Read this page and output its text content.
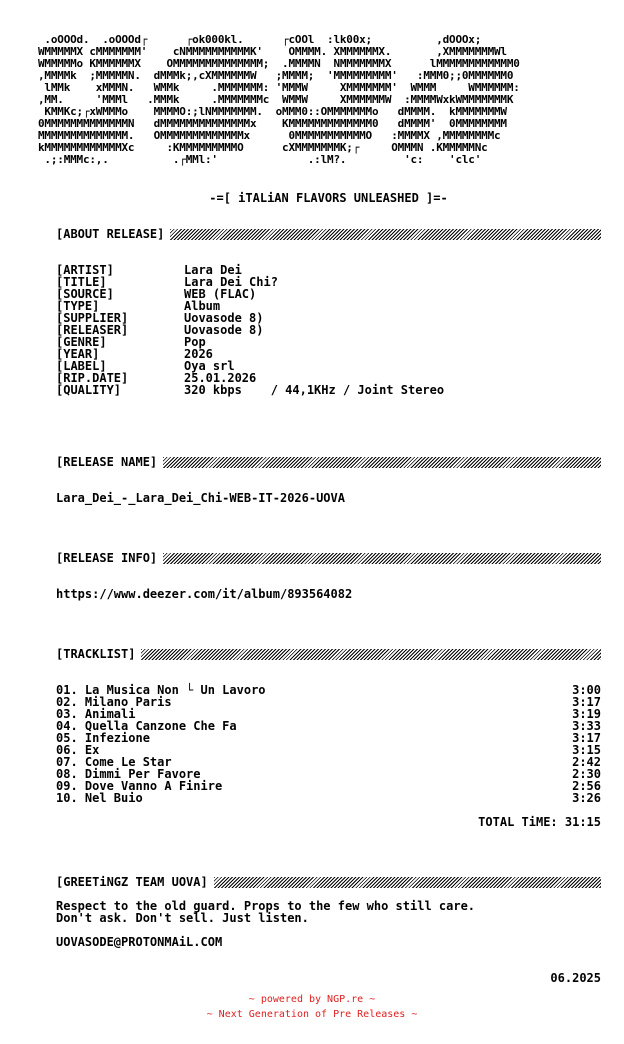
.oOOOd.  .oOOOd┌      ┌ok000kl.      ┌cOOl  :lk00x;          ,dOOOx;
WMMMMMX cMMMMMMM'    cNMMMMMMMMMMK'    OMMMM. XMMMMMMX.       ,XMMMMMMMWl
WMMMMMo KMMMMMMX    OMMMMMMMMMMMMMM;  .MMMMN  NMMMMMMMX      lMMMMMMMMMMMM0
,MMMMk  ;MMMMMN.  dMMMk;,cXMMMMMMW   ;MMMM;  'MMMMMMMMM'   :MMM0;;0MMMMMM0
lMMk    xMMMN.   WMMk     .MMMMMMM: 'MMMW     XMMMMMMM'  WMMM     WMMMMMM:
,MM.     'MMMl   .MMMk     .MMMMMMMc  WMMW     XMMMMMMW  :MMMMWxkWMMMMMMMK
KMMKc;┌xWMMMo    MMMMO:;lNMMMMMMM.  oMMM0::OMMMMMMMo   dMMMM.  kMMMMMMMW
0MMMMMMMMMMMMMN   dMMMMMMMMMMMMMMx    KMMMMMMMMMMMMM0   dMMMM'  0MMMMMMMM
MMMMMMMMMMMMMM.   OMMMMMMMMMMMMMx      0MMMMMMMMMMMO   :MMMMX ,MMMMMMMMc
kMMMMMMMMMMMMXc     :KMMMMMMMMMO      cXMMMMMMMK;┌     OMMMN .KMMMMMNc
.;:MMMc:,.          .┌MMl:'              .:lM?.         'c:    'clc'
-=[ iTALiAN FLAVORS UNLEASHED ]=-
[ABOUT RELEASE]
[ARTIST]	Lara Dei
[TITLE]	Lara Dei Chi?
[SOURCE]	WEB (FLAC)
[TYPE]	Album
[SUPPLIER]	Uovasode 8)
[RELEASER]	Uovasode 8)
[GENRE]	Pop
[YEAR]	2026
[LABEL]	Oya srl
[RIP.DATE]	25.01.2026
[QUALITY]	320 kbps    / 44,1KHz / Joint Stereo
[RELEASE NAME]
Lara_Dei_-_Lara_Dei_Chi-WEB-IT-2026-UOVA
[RELEASE INFO]
https://www.deezer.com/it/album/893564082
[TRACKLIST]
01. La Musica Non └ Un Lavoro	3:00
02. Milano Paris	3:17
03. Animali	3:19
04. Quella Canzone Che Fa	3:33
05. Infezione	3:17
06. Ex	3:15
07. Come Le Star	2:42
08. Dimmi Per Favore	2:30
09. Dove Vanno A Finire	2:56
10. Nel Buio	3:26
TOTAL TiME: 31:15
[GREETiNGZ TEAM UOVA]
Respect to the old guard. Props to the few who still care.
Don't ask. Don't sell. Just listen.
UOVASODE@PROTONMAiL.COM
06.2025
~ powered by NGP.re ~
~ Next Generation of Pre Releases ~
